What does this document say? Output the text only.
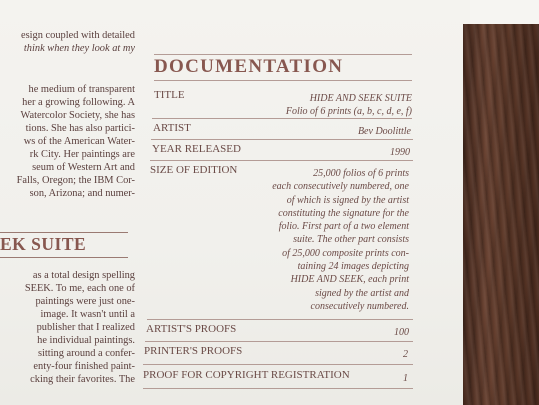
esign coupled with detailed
think when they look at my
he medium of transparent
her a growing following. A
Watercolor Society, she has
tions. She has also partici-
ws of the American Water-
rk City. Her paintings are
seum of Western Art and
Falls, Oregon; the IBM Cor-
son, Arizona; and numer-
EK SUITE
as a total design spelling
SEEK. To me, each one of
paintings were just one-
image. It wasn't until a
publisher that I realized
he individual paintings.
sitting around a confer-
enty-four finished paint-
cking their favorites. The
DOCUMENTATION
TITLE	HIDE AND SEEK SUITE
Folio of 6 prints (a, b, c, d, e, f)
ARTIST	Bev Doolittle
YEAR RELEASED	1990
SIZE OF EDITION	25,000 folios of 6 prints
each consecutively numbered, one
of which is signed by the artist
constituting the signature for the
folio. First part of a two element
suite. The other part consists
of 25,000 composite prints con-
taining 24 images depicting
HIDE AND SEEK, each print
signed by the artist and
consecutively numbered.
ARTIST'S PROOFS	100
PRINTER'S PROOFS	2
PROOF FOR COPYRIGHT REGISTRATION	1
